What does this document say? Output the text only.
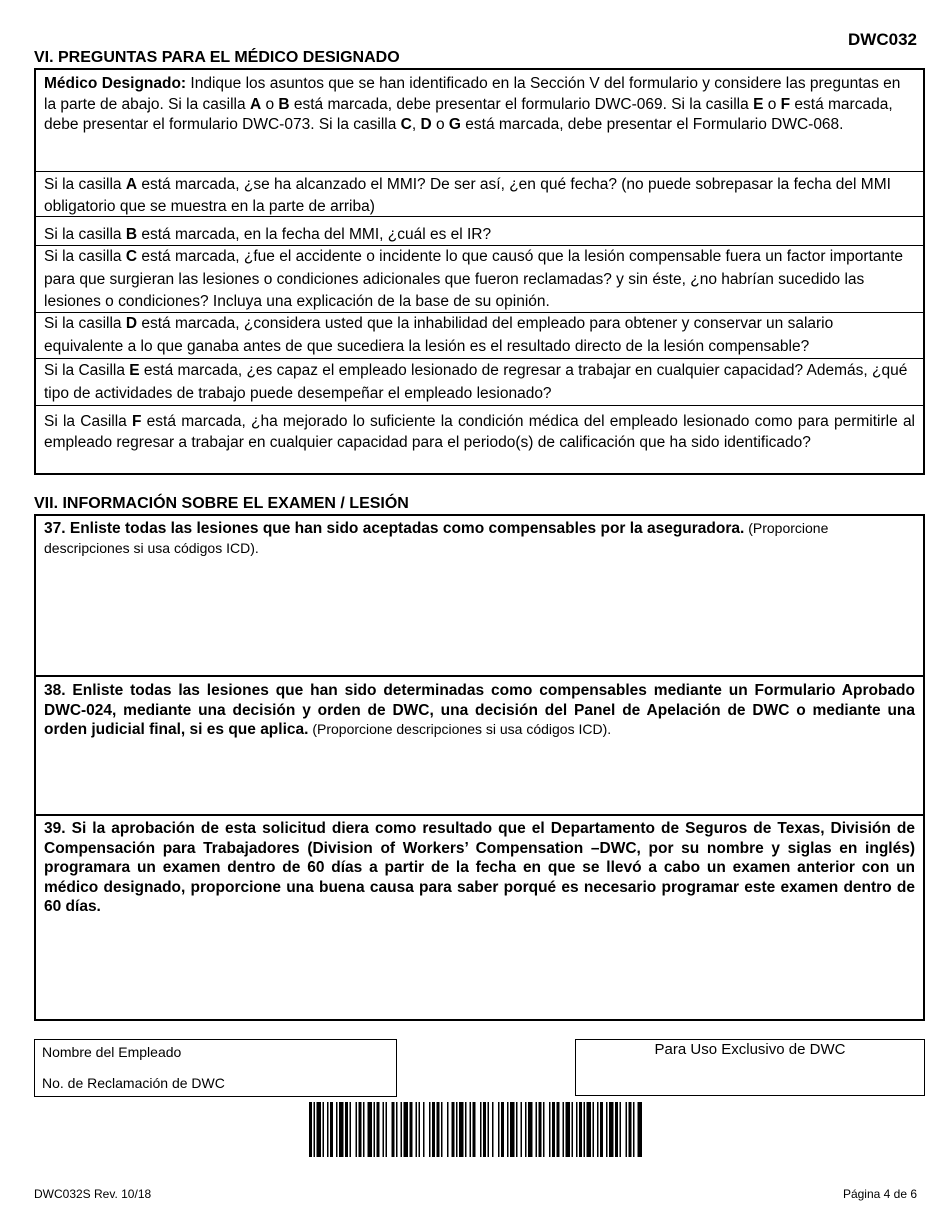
DWC032
VI. PREGUNTAS PARA EL MÉDICO DESIGNADO

Médico Designado: Indique los asuntos que se han identificado en la Sección V del formulario y considere las preguntas en la parte de abajo. Si la casilla A o B está marcada, debe presentar el formulario DWC-069. Si la casilla E o F está marcada, debe presentar el formulario DWC-073. Si la casilla C, D o G está marcada, debe presentar el Formulario DWC-068.

Si la casilla A está marcada, ¿se ha alcanzado el MMI? De ser así, ¿en qué fecha? (no puede sobrepasar la fecha del MMI obligatorio que se muestra en la parte de arriba)

Si la casilla B está marcada, en la fecha del MMI, ¿cuál es el IR?

Si la casilla C está marcada, ¿fue el accidente o incidente lo que causó que la lesión compensable fuera un factor importante para que surgieran las lesiones o condiciones adicionales que fueron reclamadas? y sin éste, ¿no habrían sucedido las lesiones o condiciones? Incluya una explicación de la base de su opinión.

Si la casilla D está marcada, ¿considera usted que la inhabilidad del empleado para obtener y conservar un salario equivalente a lo que ganaba antes de que sucediera la lesión es el resultado directo de la lesión compensable?

Si la Casilla E está marcada, ¿es capaz el empleado lesionado de regresar a trabajar en cualquier capacidad? Además, ¿qué tipo de actividades de trabajo puede desempeñar el empleado lesionado?

Si la Casilla F está marcada, ¿ha mejorado lo suficiente la condición médica del empleado lesionado como para permitirle al empleado regresar a trabajar en cualquier capacidad para el periodo(s) de calificación que ha sido identificado?

VII. INFORMACIÓN SOBRE EL EXAMEN / LESIÓN

37. Enliste todas las lesiones que han sido aceptadas como compensables por la aseguradora. (Proporcione descripciones si usa códigos ICD).

38. Enliste todas las lesiones que han sido determinadas como compensables mediante un Formulario Aprobado DWC-024, mediante una decisión y orden de DWC, una decisión del Panel de Apelación de DWC o mediante una orden judicial final, si es que aplica. (Proporcione descripciones si usa códigos ICD).

39. Si la aprobación de esta solicitud diera como resultado que el Departamento de Seguros de Texas, División de Compensación para Trabajadores (Division of Workers’ Compensation –DWC, por su nombre y siglas en inglés) programara un examen dentro de 60 días a partir de la fecha en que se llevó a cabo un examen anterior con un médico designado, proporcione una buena causa para saber porqué es necesario programar este examen dentro de 60 días.

Nombre del Empleado
No. de Reclamación de DWC
Para Uso Exclusivo de DWC
DWC032S Rev. 10/18	Página 4 de 6
